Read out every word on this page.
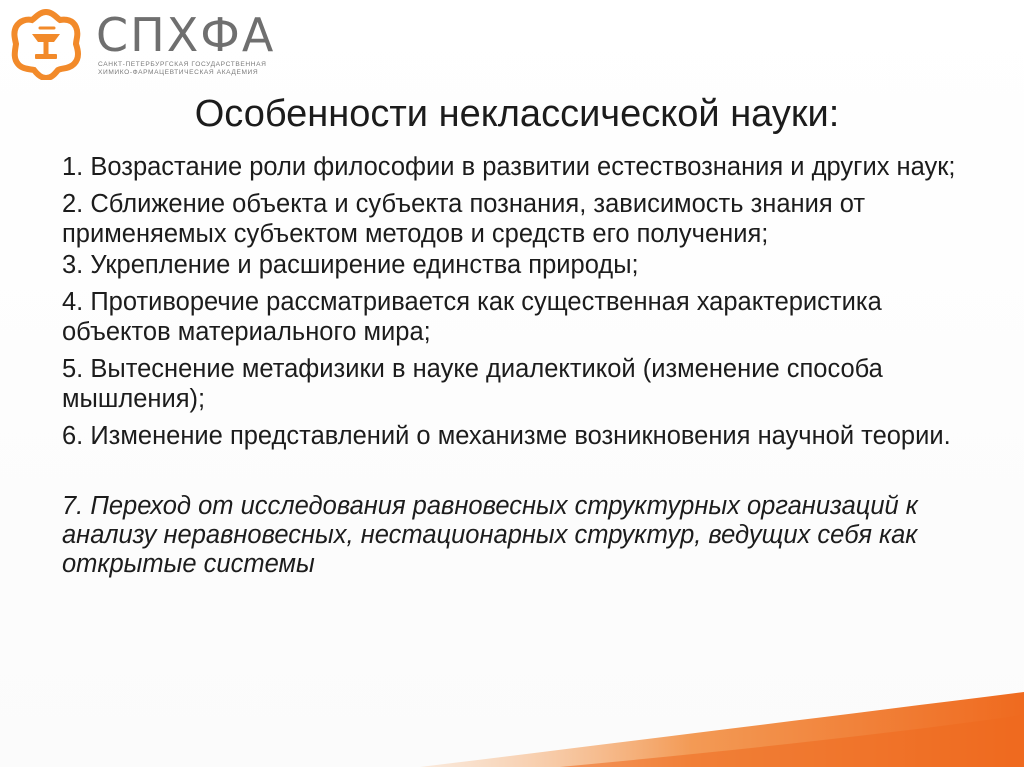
СПХФА
САНКТ-ПЕТЕРБУРГСКАЯ ГОСУДАРСТВЕННАЯ
ХИМИКО-ФАРМАЦЕВТИЧЕСКАЯ АКАДЕМИЯ
Особенности неклассической науки:

1. Возрастание роли философии в развитии естествознания и других наук;

2. Сближение объекта и субъекта познания, зависимость знания от применяемых субъектом методов и средств его получения;

3. Укрепление и расширение единства природы;

4. Противоречие рассматривается как существенная характеристика объектов материального мира;

5. Вытеснение метафизики в науке диалектикой (изменение способа мышления);

6. Изменение представлений о механизме возникновения научной теории.

7. Переход от исследования равновесных структурных организаций к анализу неравновесных, нестационарных структур, ведущих себя как открытые системы
